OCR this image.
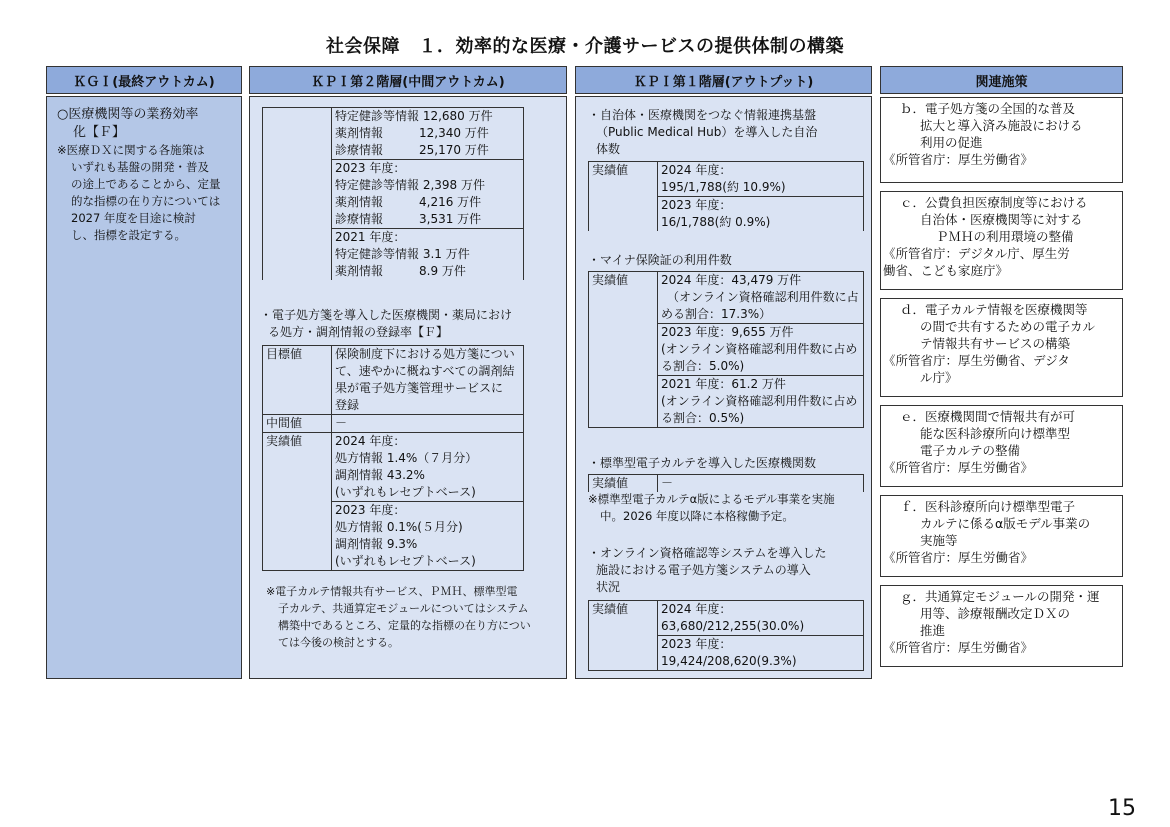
社会保障　１．効率的な医療・介護サービスの提供体制の構築
ＫＧＩ(最終アウトカム)	ＫＰＩ第２階層(中間アウトカム)	ＫＰＩ第１階層(アウトプット)	関連施策
○医療機関等の業務効率
化【Ｆ】
※医療ＤＸに関する各施策は
いずれも基盤の開発・普及
の途上であることから、定量
的な指標の在り方については
2027 年度を目途に検討
し、指標を設定する。

特定健診等情報 12,680 万件
薬剤情報　　　12,340 万件
診療情報　　　25,170 万件

2023 年度：
特定健診等情報 2,398 万件
薬剤情報　　　4,216 万件
診療情報　　　3,531 万件

2021 年度：
特定健診等情報 3.1 万件
薬剤情報　　　8.9 万件
・電子処方箋を導入した医療機関・薬局におけ
る処方・調剤情報の登録率【Ｆ】
目標値	保険制度下における処方箋につい
て、速やかに概ねすべての調剤結
果が電子処方箋管理サービスに
登録

中間値	－
実績値	2024 年度：
処方情報 1.4%（７月分）
調剤情報 43.2%
(いずれもレセプトベース)

	2023 年度：
処方情報 0.1%(５月分)
調剤情報 9.3%
(いずれもレセプトベース)
※電子カルテ情報共有サービス、ＰＭＨ、標準型電
子カルテ、共通算定モジュールについてはシステム
構築中であるところ、定量的な指標の在り方につい
ては今後の検討とする。
・自治体・医療機関をつなぐ情報連携基盤
（Public Medical Hub）を導入した自治
体数
実績値	2024 年度：
195/1,788(約 10.9%)

2023 年度：
16/1,788(約 0.9%)
・マイナ保険証の利用件数
実績値	2024 年度：43,479 万件
（オンライン資格確認利用件数に占
める割合：17.3%）

2023 年度：9,655 万件
(オンライン資格確認利用件数に占め
る割合：5.0%)

2021 年度：61.2 万件
(オンライン資格確認利用件数に占め
る割合：0.5%)
・標準型電子カルテを導入した医療機関数
実績値	－
※標準型電子カルテα版によるモデル事業を実施
中。2026 年度以降に本格稼働予定。
・オンライン資格確認等システムを導入した
施設における電子処方箋システムの導入
状況
実績値	2024 年度：
63,680/212,255(30.0%)

2023 年度：
19,424/208,620(9.3%)
ｂ．電子処方箋の全国的な普及
拡大と導入済み施設における
利用の促進
《所管省庁：厚生労働省》
ｃ．公費負担医療制度等における
自治体・医療機関等に対する
ＰＭＨの利用環境の整備
《所管省庁：デジタル庁、厚生労
働省、こども家庭庁》
ｄ．電子カルテ情報を医療機関等
の間で共有するための電子カル
テ情報共有サービスの構築
《所管省庁：厚生労働省、デジタ
ル庁》
ｅ．医療機関間で情報共有が可
能な医科診療所向け標準型
電子カルテの整備
《所管省庁：厚生労働省》
ｆ．医科診療所向け標準型電子
カルテに係るα版モデル事業の
実施等
《所管省庁：厚生労働省》
ｇ．共通算定モジュールの開発・運
用等、診療報酬改定ＤＸの
推進
《所管省庁：厚生労働省》
15
